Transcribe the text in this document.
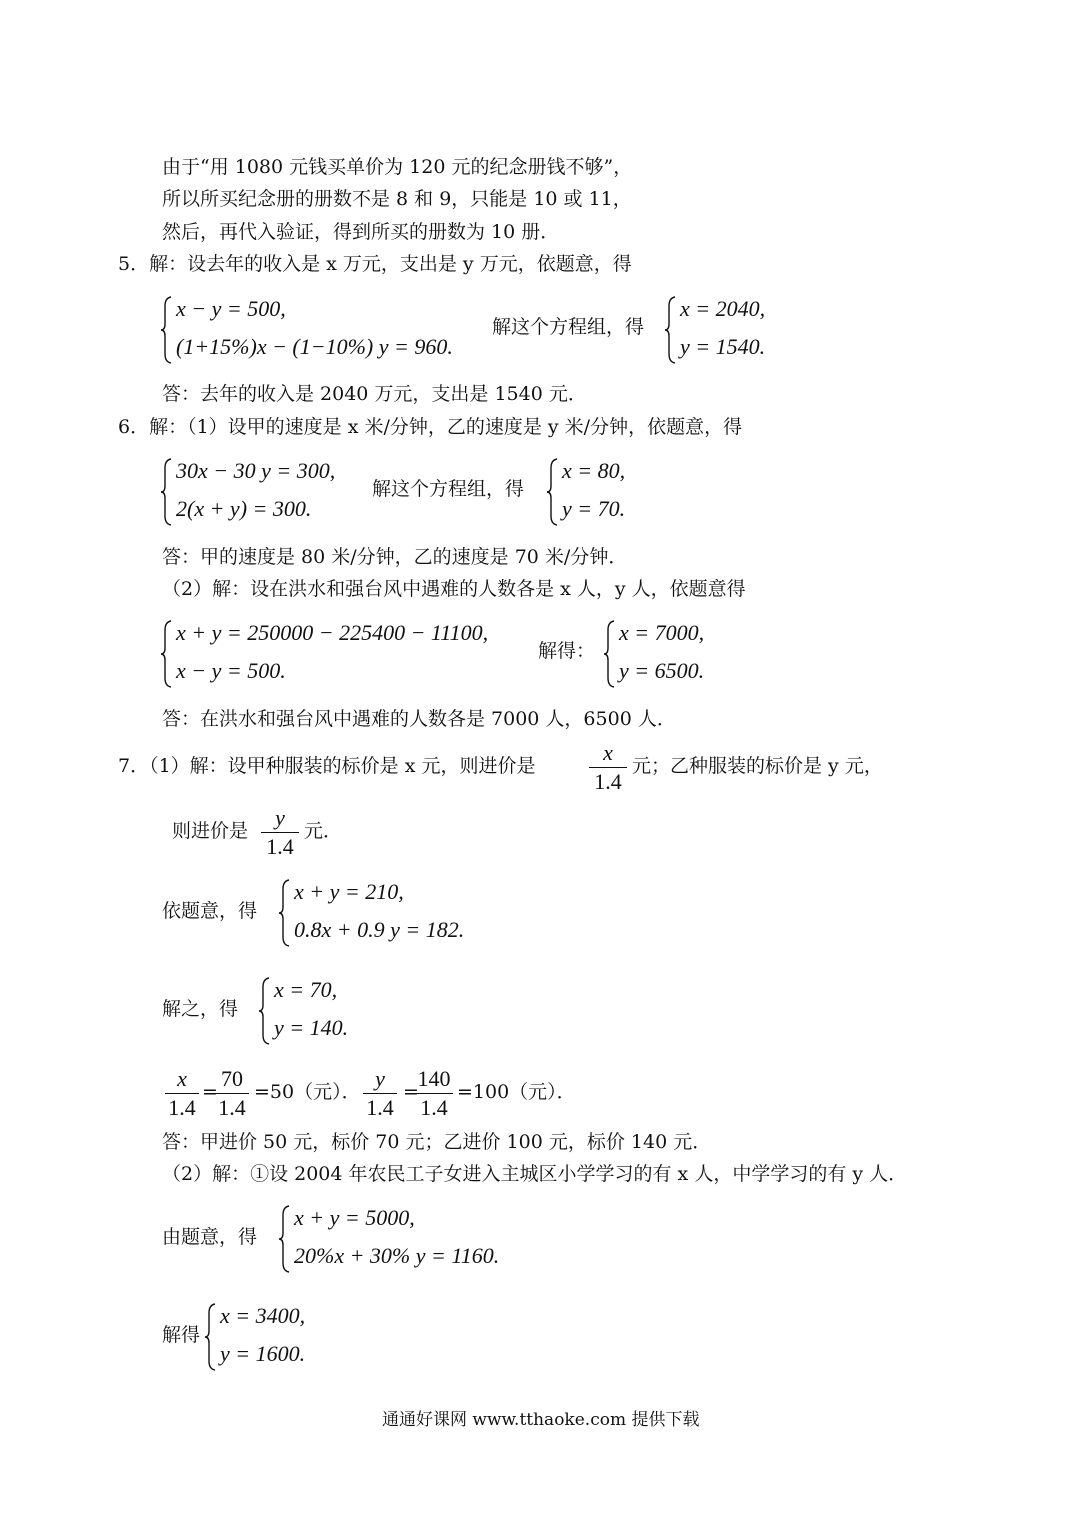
由于“用 1080 元钱买单价为 120 元的纪念册钱不够”，
所以所买纪念册的册数不是 8 和 9，只能是 10 或 11，
然后，再代入验证，得到所买的册数为 10 册．
5．解：设去年的收入是 x 万元，支出是 y 万元，依题意，得
x − y = 500,
(1+15%)x − (1−10%) y = 960.
解这个方程组，得
x = 2040,
y = 1540.
答：去年的收入是 2040 万元，支出是 1540 元．
6．解：（1）设甲的速度是 x 米/分钟，乙的速度是 y 米/分钟，依题意，得
30x − 30 y = 300,
2(x + y) = 300.
解这个方程组，得
x = 80,
y = 70.
答：甲的速度是 80 米/分钟，乙的速度是 70 米/分钟．
（2）解：设在洪水和强台风中遇难的人数各是 x 人，y 人，依题意得
x + y = 250000 − 225400 − 11100,
x − y = 500.
解得：
x = 7000,
y = 6500.
答：在洪水和强台风中遇难的人数各是 7000 人，6500 人．
7．（1）解：设甲种服装的标价是 x 元，则进价是
x
1.4
元；乙种服装的标价是 y 元，
则进价是
y
1.4
元．
依题意，得
x + y = 210,
0.8x + 0.9 y = 182.
解之，得
x = 70,
y = 140.
x
1.4
=
70
1.4
=50（元）．
y
1.4
=
140
1.4
=100（元）．
答：甲进价 50 元，标价 70 元；乙进价 100 元，标价 140 元．
（2）解：①设 2004 年农民工子女进入主城区小学学习的有 x 人，中学学习的有 y 人．
由题意，得
x + y = 5000,
20%x + 30% y = 1160.
解得
x = 3400,
y = 1600.
通通好课网 www.tthaoke.com 提供下载
